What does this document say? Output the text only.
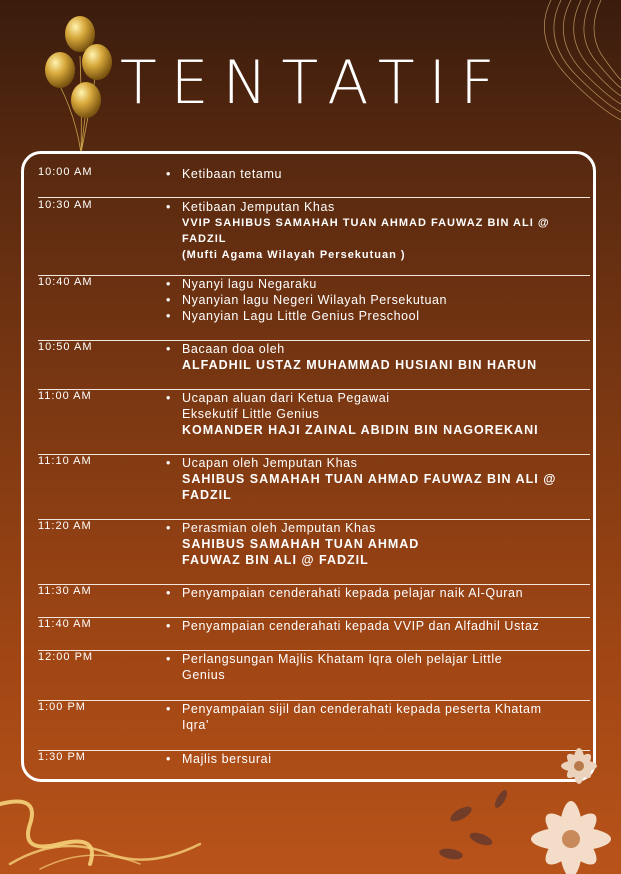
TENTATIF
10:00 AM	• Ketibaan tetamu
10:30 AM	• Ketibaan Jemputan Khas
VVIP SAHIBUS SAMAHAH TUAN AHMAD FAUWAZ BIN ALI @
FADZIL
(Mufti Agama Wilayah Persekutuan )
10:40 AM	• Nyanyi lagu Negaraku
• Nyanyian lagu Negeri Wilayah Persekutuan
• Nyanyian Lagu Little Genius Preschool
10:50 AM	• Bacaan doa oleh
ALFADHIL USTAZ MUHAMMAD HUSIANI BIN HARUN
11:00 AM	• Ucapan aluan dari Ketua Pegawai
Eksekutif Little Genius
KOMANDER HAJI ZAINAL ABIDIN BIN NAGOREKANI
11:10 AM	• Ucapan oleh Jemputan Khas
SAHIBUS SAMAHAH TUAN AHMAD FAUWAZ BIN ALI @
FADZIL
11:20 AM	• Perasmian oleh Jemputan Khas
SAHIBUS SAMAHAH TUAN AHMAD
FAUWAZ BIN ALI @ FADZIL
11:30 AM	• Penyampaian cenderahati kepada pelajar naik Al-Quran
11:40 AM	• Penyampaian cenderahati kepada VVIP dan Alfadhil Ustaz
12:00 PM	• Perlangsungan Majlis Khatam Iqra oleh pelajar Little
Genius
1:00 PM	• Penyampaian sijil dan cenderahati kepada peserta Khatam
Iqra'
1:30 PM	• Majlis bersurai
